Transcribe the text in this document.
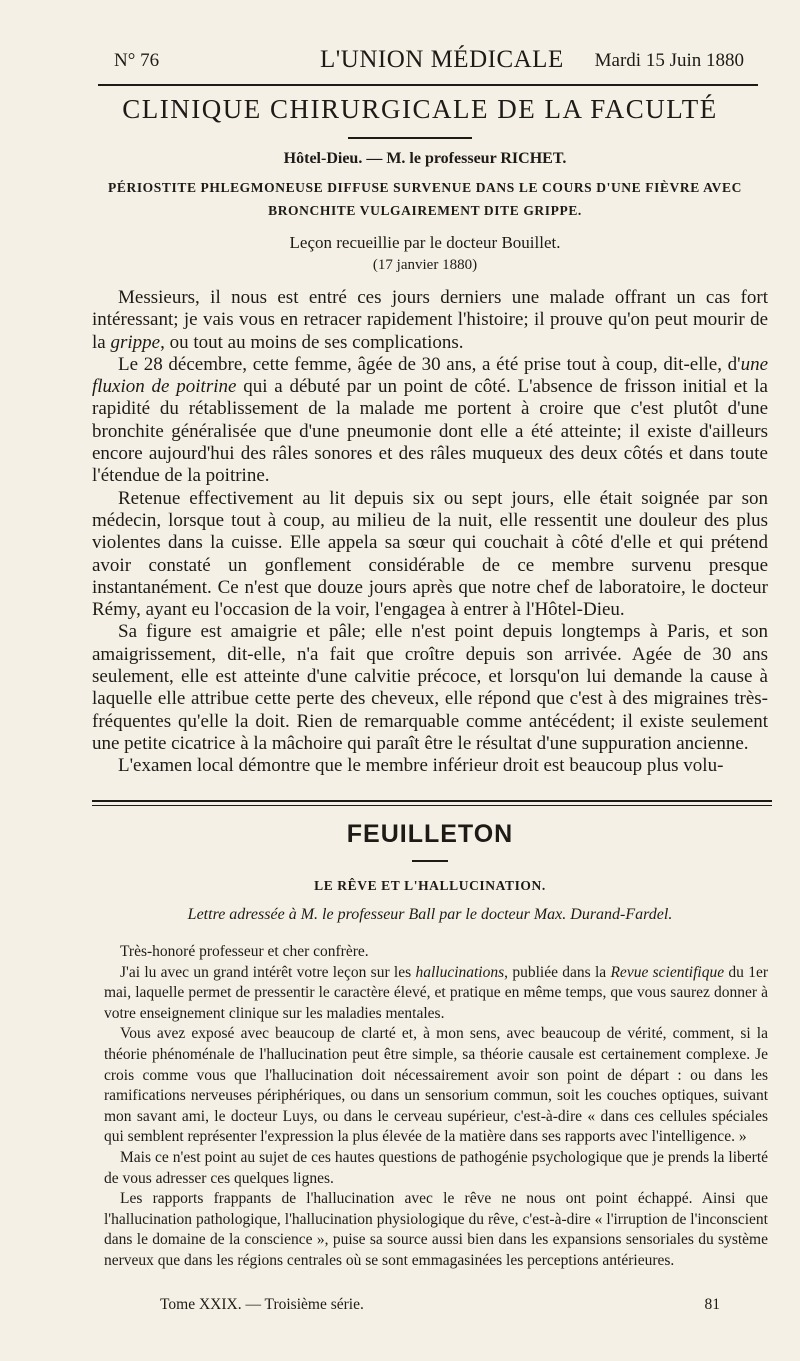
N° 76	L'UNION MÉDICALE Mardi 15 Juin 1880
CLINIQUE CHIRURGICALE DE LA FACULTÉ
Hôtel-Dieu. — M. le professeur RICHET.
PÉRIOSTITE PHLEGMONEUSE DIFFUSE SURVENUE DANS LE COURS D'UNE FIÈVRE AVEC
BRONCHITE VULGAIREMENT DITE GRIPPE.
Leçon recueillie par le docteur Bouillet.
(17 janvier 1880)

Messieurs, il nous est entré ces jours derniers une malade offrant un cas fort intéressant; je vais vous en retracer rapidement l'histoire; il prouve qu'on peut mourir de la grippe, ou tout au moins de ses complications.

Le 28 décembre, cette femme, âgée de 30 ans, a été prise tout à coup, dit-elle, d'une fluxion de poitrine qui a débuté par un point de côté. L'absence de frisson initial et la rapidité du rétablissement de la malade me portent à croire que c'est plutôt d'une bronchite généralisée que d'une pneumonie dont elle a été atteinte; il existe d'ailleurs encore aujourd'hui des râles sonores et des râles muqueux des deux côtés et dans toute l'étendue de la poitrine.

Retenue effectivement au lit depuis six ou sept jours, elle était soignée par son médecin, lorsque tout à coup, au milieu de la nuit, elle ressentit une douleur des plus violentes dans la cuisse. Elle appela sa sœur qui couchait à côté d'elle et qui prétend avoir constaté un gonflement considérable de ce membre survenu presque instantanément. Ce n'est que douze jours après que notre chef de laboratoire, le docteur Rémy, ayant eu l'occasion de la voir, l'engagea à entrer à l'Hôtel-Dieu.

Sa figure est amaigrie et pâle; elle n'est point depuis longtemps à Paris, et son amaigrissement, dit-elle, n'a fait que croître depuis son arrivée. Agée de 30 ans seulement, elle est atteinte d'une calvitie précoce, et lorsqu'on lui demande la cause à laquelle elle attribue cette perte des cheveux, elle répond que c'est à des migraines très-fréquentes qu'elle la doit. Rien de remarquable comme antécédent; il existe seulement une petite cicatrice à la mâchoire qui paraît être le résultat d'une suppuration ancienne.

L'examen local démontre que le membre inférieur droit est beaucoup plus volu-

FEUILLETON
LE RÊVE ET L'HALLUCINATION.
Lettre adressée à M. le professeur Ball par le docteur Max. Durand-Fardel.

Très-honoré professeur et cher confrère.

J'ai lu avec un grand intérêt votre leçon sur les hallucinations, publiée dans la Revue scientifique du 1er mai, laquelle permet de pressentir le caractère élevé, et pratique en même temps, que vous saurez donner à votre enseignement clinique sur les maladies mentales.

Vous avez exposé avec beaucoup de clarté et, à mon sens, avec beaucoup de vérité, comment, si la théorie phénoménale de l'hallucination peut être simple, sa théorie causale est certainement complexe. Je crois comme vous que l'hallucination doit nécessairement avoir son point de départ : ou dans les ramifications nerveuses périphériques, ou dans un sensorium commun, soit les couches optiques, suivant mon savant ami, le docteur Luys, ou dans le cerveau supérieur, c'est-à-dire « dans ces cellules spéciales qui semblent représenter l'expression la plus élevée de la matière dans ses rapports avec l'intelligence. »

Mais ce n'est point au sujet de ces hautes questions de pathogénie psychologique que je prends la liberté de vous adresser ces quelques lignes.

Les rapports frappants de l'hallucination avec le rêve ne nous ont point échappé. Ainsi que l'hallucination pathologique, l'hallucination physiologique du rêve, c'est-à-dire « l'irruption de l'inconscient dans le domaine de la conscience », puise sa source aussi bien dans les expansions sensoriales du système nerveux que dans les régions centrales où se sont emmagasinées les perceptions antérieures.

Tome XXIX. — Troisième série.	81
